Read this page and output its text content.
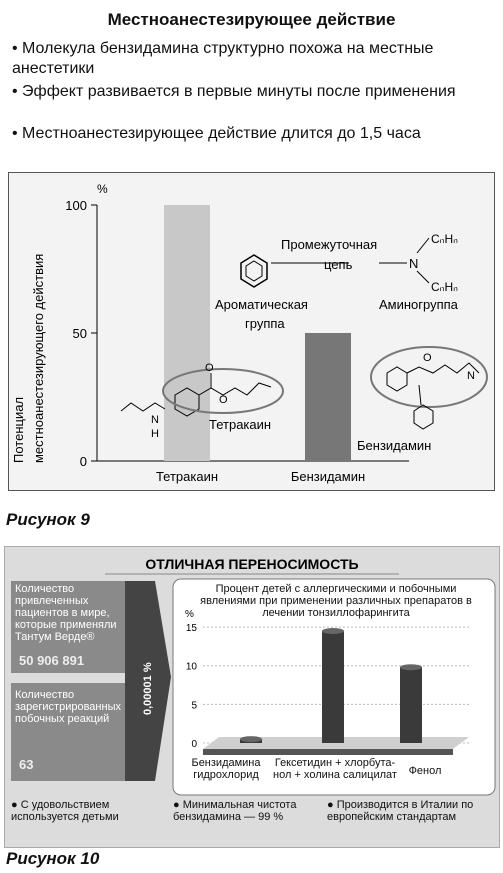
Местноанестезирующее действие
• Молекула бензидамина структурно похожа на местные анестетики
• Эффект развивается в первые минуты после применения
• Местноанестезирующее действие длится до 1,5 часа
Потенциал местноанестезирующего действия
%
100
50
0
Тетракаин	Бензидамин
Промежуточная
цепь	N
CₙHₙ
CₙHₙ
Ароматическая
группа
Аминогруппа
O
O
N
H
Тетракаин
O
N
Бензидамин
Рисунок 9
ОТЛИЧНАЯ ПЕРЕНОСИМОСТЬ
0,00001 %
Количество привлеченных пациентов в мире, которые применяли Тантум Верде®
50 906 891
Количество зарегистрированных побочных реакций
63
Процент детей с аллергическими и побочными явлениями при применении различных препаратов в лечении тонзиллофарингита
%
15
10
5
0
Бензидамина
гидрохлорид
Гекcетидин + хлорбута-
нол + холина салицилат	Фенол
● С удовольствием используется детьми
● Минимальная чистота бензидамина — 99 %
● Производится в Италии по европейским стандартам
Рисунок 10
